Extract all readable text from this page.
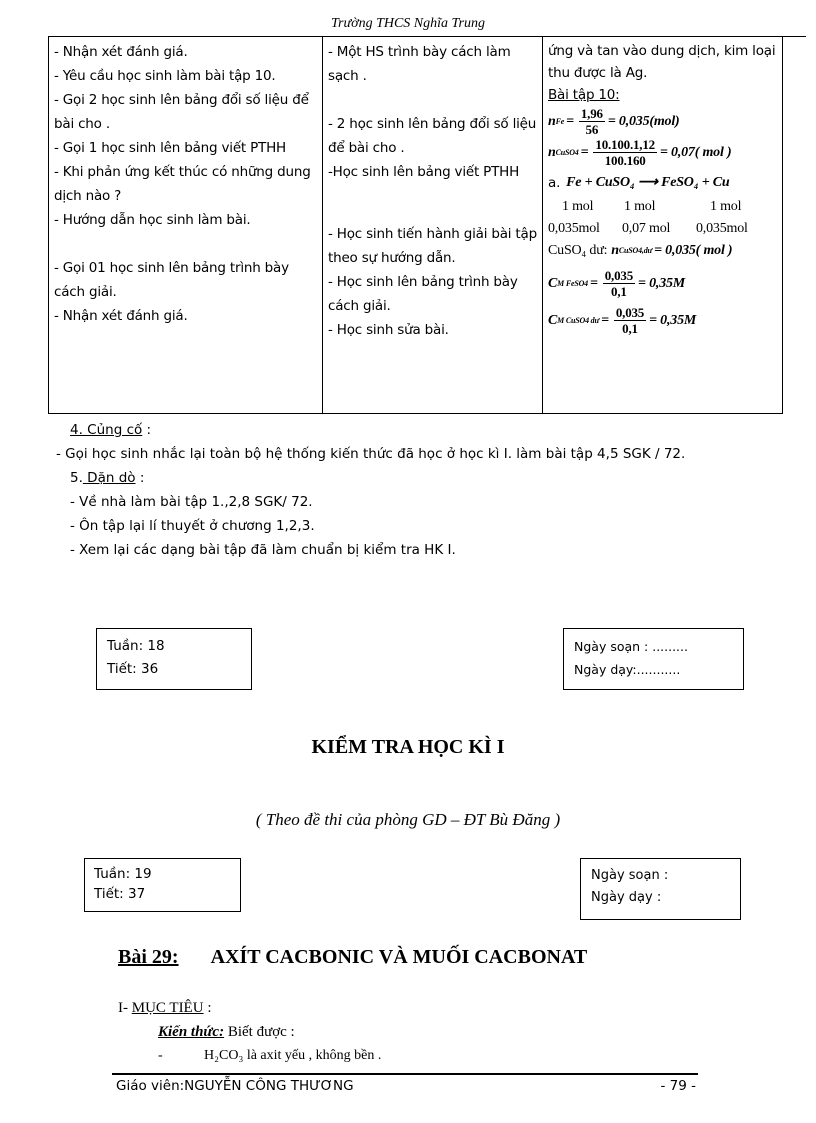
Trường THCS Nghĩa Trung
- Nhận xét đánh giá.
- Yêu cầu học sinh làm bài tập 10.
- Gọi 2 học sinh lên bảng đổi số liệu để bài cho .
- Gọi 1 học sinh lên bảng viết PTHH
- Khi phản ứng kết thúc có những dung dịch nào ?
- Hướng dẫn học sinh làm bài.
- Gọi 01 học sinh lên bảng trình bày cách giải.
- Nhận xét đánh giá.

- Một HS trình bày cách làm sạch .
- 2 học sinh lên bảng đổi số liệu để bài cho .
-Học sinh lên bảng viết PTHH
- Học sinh tiến hành giải bài tập theo sự hướng dẫn.
- Học sinh lên bảng trình bày cách giải.
- Học sinh sửa bài.

ứng và tan vào dung dịch, kim loại thu được là Ag.
Bài tập 10:
n $Fe = \frac{1,96}{56} = 0,035(mol)$
n CuSO4 = $\frac{10.100.1,12}{100.160} = 0,07$( mol )
a. Fe + CuSO₄ ⟶ FeSO₄ + Cu
1 mol	1 mol	1 mol
0,035mol	0,07 mol	0,035mol
CuSO₄ dư: n CuSO4,dư = 0,035( mol )
C M FeSO4 = $\frac{0,035}{0,1} = 0,35M$
C M CuSO4 dư = $\frac{0,035}{0,1} = 0,35M$
4. Củng cố :
- Gọi học sinh nhắc lại toàn bộ hệ thống kiến thức đã học ở học kì I. làm bài tập 4,5 SGK / 72.
5. Dặn dò :
- Về nhà làm bài tập 1.,2,8 SGK/ 72.
- Ôn tập lại lí thuyết ở chương 1,2,3.
- Xem lại các dạng bài tập đã làm chuẩn bị kiểm tra HK I.
Tuần: 18
Tiết: 36
Ngày soạn : .........
Ngày dạy:...........
KIỂM TRA HỌC KÌ I
( Theo đề thi của phòng GD – ĐT Bù Đăng )
Tuần: 19
Tiết: 37
Ngày soạn :
Ngày dạy :
Bài 29: AXÍT CACBONIC VÀ MUỐI CACBONAT
I- MỤC TIÊU :
Kiến thức: Biết được :
-	H₂CO₃ là axit yếu , không bền .
Giáo viên:NGUYỄN CÔNG THƯƠNG	- 79 -
